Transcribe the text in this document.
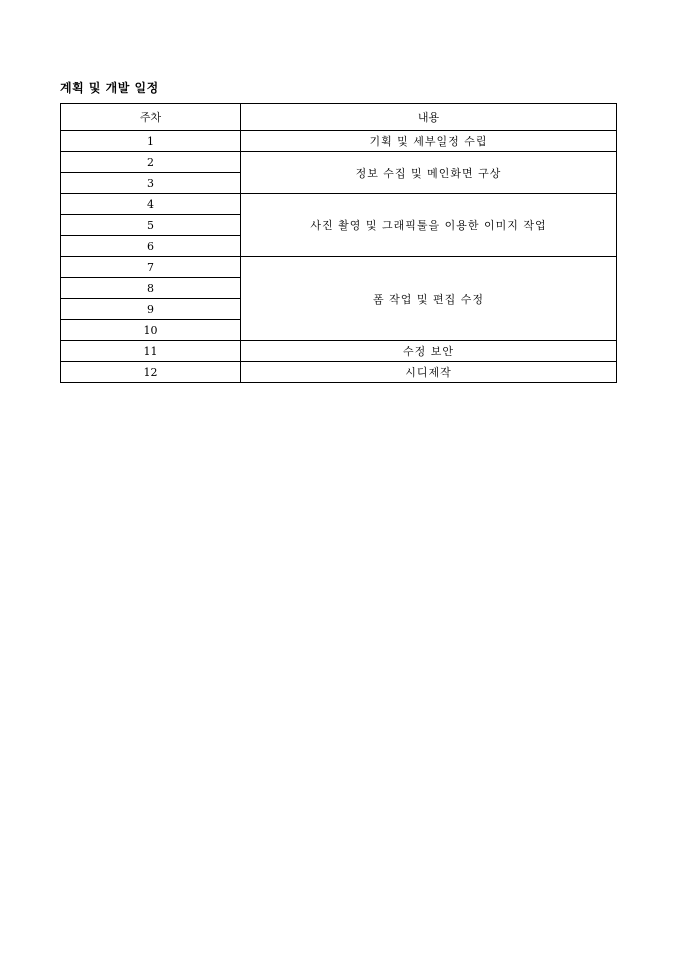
계획 및 개발 일정
주차	내용
1	기획 및 세부일정 수립
2	정보 수집 및 메인화면 구상
3	
4	사진 촬영 및 그래픽툴을 이용한 이미지 작업
5	
6	
7	폼 작업 및 편집 수정
8	
9	
10	
11	수정 보안
12	시디제작
